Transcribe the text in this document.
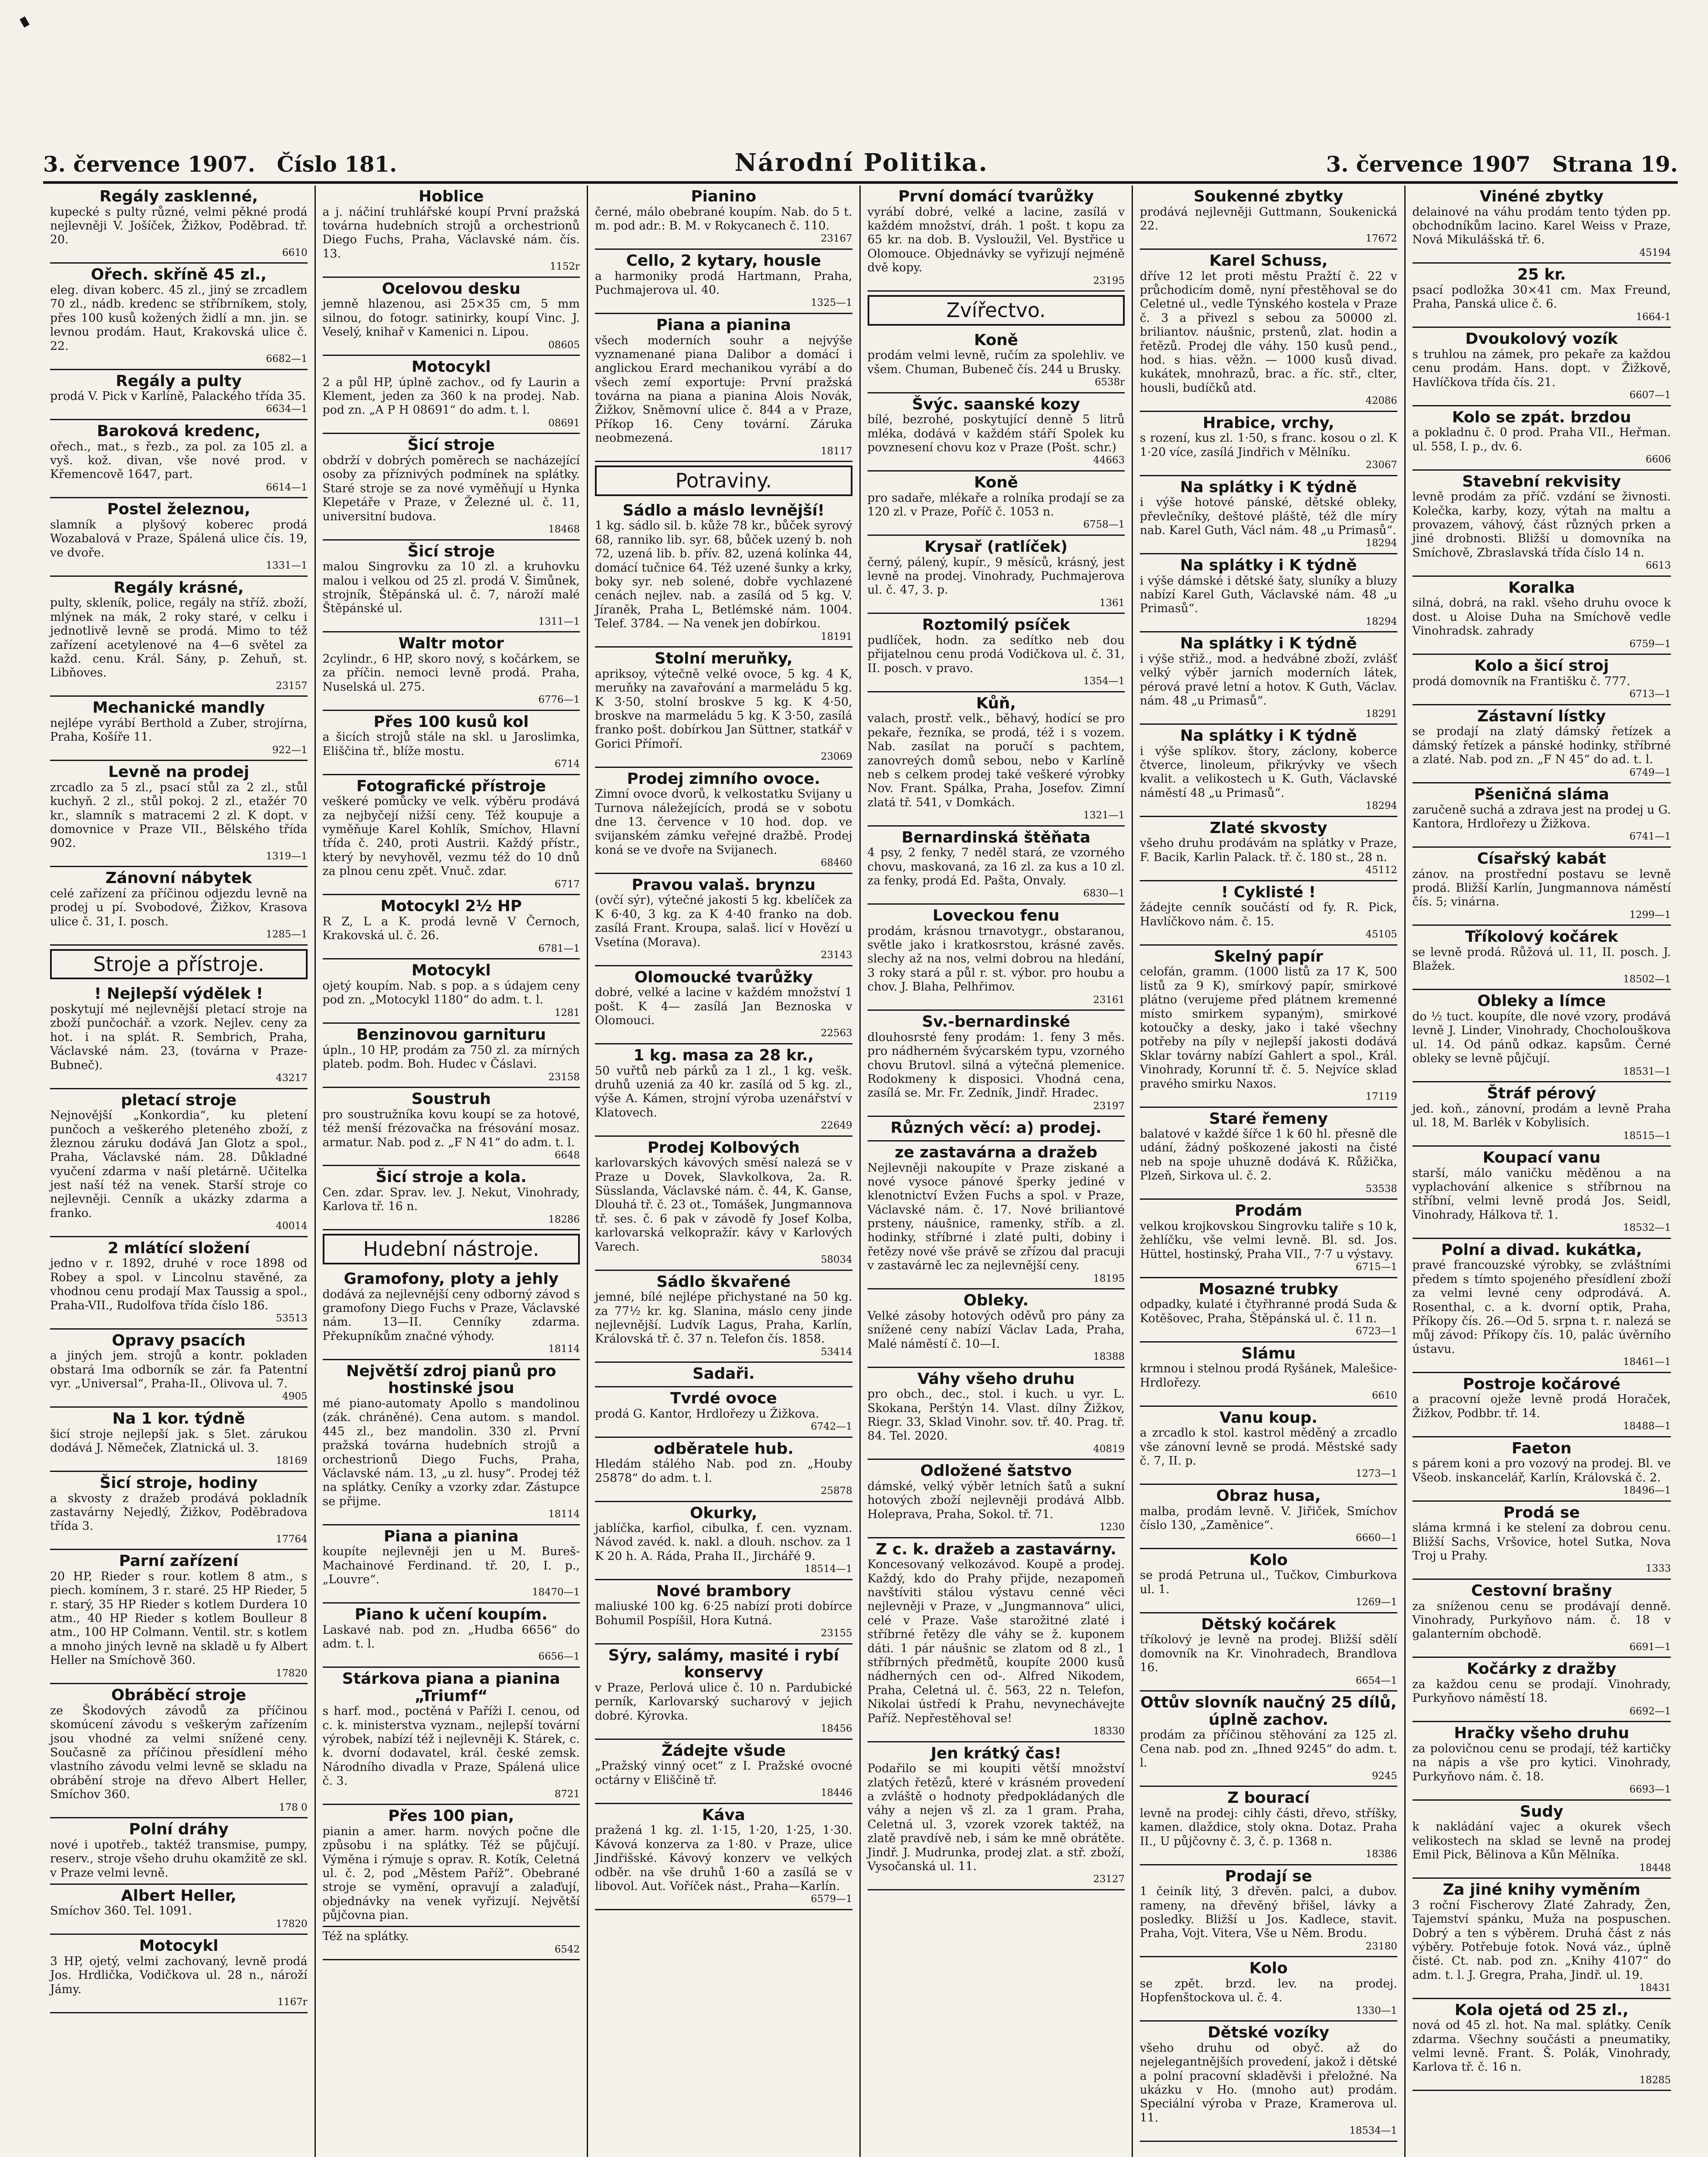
3. července 1907. Číslo 181.	Národní Politika.	3. července 1907 Strana 19.
Regály zasklenné,
kupecké s pulty různé, velmi pěkné prodá nejlevněji V. Jošíček, Žižkov, Poděbrad. tř. 20.
6610
Ořech. skříně 45 zl.,
eleg. divan koberc. 45 zl., jiný se zrcadlem 70 zl., nádb. kredenc se stříbrníkem, stoly, přes 100 kusů kožených židlí a mn. jin. se levnou prodám. Haut, Krakovská ulice č. 22.
6682—1
Regály a pulty
prodá V. Pick v Karlíně, Palackého třída 35.
6634—1
Baroková kredenc,
ořech., mat., s řezb., za pol. za 105 zl. a vyš. kož. divan, vše nové prod. v Křemencově 1647, part.
6614—1
Postel železnou,
slamník a plyšový koberec prodá Wozabalová v Praze, Spálená ulice čís. 19, ve dvoře.
1331—1
Regály krásné,
pulty, skleník, police, regály na stříž. zboží, mlýnek na mák, 2 roky staré, v celku i jednotlivě levně se prodá. Mimo to též zařízení acetylenové na 4—6 světel za každ. cenu. Král. Sány, p. Zehuň, st. Libňoves.
23157
Mechanické mandly
nejlépe vyrábí Berthold a Zuber, strojírna, Praha, Košíře 11.
922—1
Levně na prodej
zrcadlo za 5 zl., psací stůl za 2 zl., stůl kuchyň. 2 zl., stůl pokoj. 2 zl., etažér 70 kr., slamník s matracemi 2 zl. K dopt. v domovnice v Praze VII., Bělského třída 902.
1319—1
Zánovní nábytek
celé zařízení za příčinou odjezdu levně na prodej u pí. Svobodové, Žižkov, Krasova ulice č. 31, I. posch.
1285—1
Stroje a přístroje.
! Nejlepší výdělek !
poskytují mé nejlevnější pletací stroje na zboží punčochář. a vzork. Nejlev. ceny za hot. i na splát. R. Sembrich, Praha, Václavské nám. 23, (továrna v Praze-Bubneč).
43217
pletací stroje
Nejnovější „Konkordia“, ku pletení punčoch a veškerého pleteného zboží, z žleznou záruku dodává Jan Glotz a spol., Praha, Václavské nám. 28. Důkladné vyučení zdarma v naší pletárně. Učitelka jest naší též na venek. Starší stroje co nejlevněji. Cenník a ukázky zdarma a franko.
40014
2 mlátící složení
jedno v r. 1892, druhé v roce 1898 od Robey a spol. v Lincolnu stavěné, za vhodnou cenu prodají Max Taussig a spol., Praha-VII., Rudolfova třída číslo 186.
53513
Opravy psacích
a jiných jem. strojů a kontr. pokladen obstará Ima odborník se zár. fa Patentní vyr. „Universal“, Praha-II., Olivova ul. 7.
4905
Na 1 kor. týdně
šicí stroje nejlepší jak. s 5let. zárukou dodává J. Němeček, Zlatnická ul. 3.
18169
Šicí stroje, hodiny
a skvosty z dražeb prodává pokladník zastavárny Nejedlý, Žižkov, Poděbradova třída 3.
17764
Parní zařízení
20 HP, Rieder s rour. kotlem 8 atm., s piech. komínem, 3 r. staré. 25 HP Rieder, 5 r. starý, 35 HP Rieder s kotlem Durdera 10 atm., 40 HP Rieder s kotlem Boulleur 8 atm., 100 HP Colmann. Ventil. str. s kotlem a mnoho jiných levně na skladě u fy Albert Heller na Smíchově 360.
17820
Obráběcí stroje
ze Škodových závodů za příčinou skomúcení závodu s veškerým zařízením jsou vhodné za velmi snížené ceny. Současně za příčinou přesídlení mého vlastního závodu velmi levně se skladu na obrábění stroje na dřevo Albert Heller, Smíchov 360.
178 0
Polní dráhy
nové i upotřeb., taktéž transmise, pumpy, reserv., stroje všeho druhu okamžitě ze skl. v Praze velmi levně.
Albert Heller,
Smíchov 360. Tel. 1091.
17820
Motocykl
3 HP, ojetý, velmi zachovaný, levně prodá Jos. Hrdlička, Vodičkova ul. 28 n., nároží Jámy.
1167r
Hoblice
a j. náčiní truhlářské koupí První pražská továrna hudebních strojů a orchestrionů Diego Fuchs, Praha, Václavské nám. čís. 13.
1152r
Ocelovou desku
jemně hlazenou, asi 25×35 cm, 5 mm silnou, do fotogr. satinirky, koupí Vinc. J. Veselý, knihař v Kamenici n. Lipou.
08605
Motocykl
2 a půl HP, úplně zachov., od fy Laurin a Klement, jeden za 360 k na prodej. Nab. pod zn. „A P H 08691“ do adm. t. l.
08691
Šicí stroje
obdrží v dobrých poměrech se nacházející osoby za příznivých podmínek na splátky. Staré stroje se za nové vyměňují u Hynka Klepetáře v Praze, v Železné ul. č. 11, universitní budova.
18468
Šicí stroje
malou Singrovku za 10 zl. a kruhovku malou i velkou od 25 zl. prodá V. Šimůnek, strojník, Štěpánská ul. č. 7, nároží malé Štěpánské ul.
1311—1
Waltr motor
2cylindr., 6 HP, skoro nový, s kočárkem, se za příčin. nemoci levně prodá. Praha, Nuselská ul. 275.
6776—1
Přes 100 kusů kol
a šicích strojů stále na skl. u Jaroslimka, Eliščina tř., blíže mostu.
6714
Fotografické přístroje
veškeré pomůcky ve velk. výběru prodává za nejbyčejí nižší ceny. Též koupuje a vyměňuje Karel Kohlík, Smíchov, Hlavní třída č. 240, proti Austrii. Každý přístr., který by nevyhověl, vezmu též do 10 dnů za plnou cenu zpět. Vnuč. zdar.
6717
Motocykl 2½ HP
R Z, L a K. prodá levně V Černoch, Krakovská ul. č. 26.
6781—1
Motocykl
ojetý koupím. Nab. s pop. a s údajem ceny pod zn. „Motocykl 1180“ do adm. t. l.
1281
Benzinovou garnituru
úpln., 10 HP, prodám za 750 zl. za mírných plateb. podm. Boh. Hudec v Čáslavi.
23158
Soustruh
pro soustružníka kovu koupí se za hotové, též menší frézovačka na frésování mosaz. armatur. Nab. pod z. „F N 41“ do adm. t. l.
6648
Šicí stroje a kola.
Cen. zdar. Sprav. lev. J. Nekut, Vinohrady, Karlova tř. 16 n.
18286
Hudební nástroje.
Gramofony, ploty a jehly
dodává za nejlevnější ceny odborný závod s gramofony Diego Fuchs v Praze, Václavské nám. 13—II. Cenníky zdarma. Překupníkům značné výhody.
18114
Největší zdroj pianů pro hostinské jsou
mé piano-automaty Apollo s mandolinou (zák. chráněné). Cena autom. s mandol. 445 zl., bez mandolin. 330 zl. První pražská továrna hudebních strojů a orchestrionů Diego Fuchs, Praha, Václavské nám. 13, „u zl. husy“. Prodej též na splátky. Ceníky a vzorky zdar. Zástupce se přijme.
18114
Piana a pianina
koupíte nejlevněji jen u M. Bureš-Machainové Ferdinand. tř. 20, I. p., „Louvre“.
18470—1
Piano k učení koupím.
Laskavé nab. pod zn. „Hudba 6656“ do adm. t. l.
6656—1
Stárkova piana a pianina „Triumf“
s harf. mod., poctěná v Paříži I. cenou, od c. k. ministerstva vyznam., nejlepší tovární výrobek, nabízí též i nejlevněji K. Stárek, c. k. dvorní dodavatel, král. české zemsk. Národního divadla v Praze, Spálená ulice č. 3.
8721
Přes 100 pian,
pianin a amer. harm. nových počne dle způsobu i na splátky. Též se půjčují. Výměna i rýmuje s oprav. R. Kotík, Celetná ul. č. 2, pod „Městem Paříž“. Obebrané stroje se vymění, opravují a zalaďují, objednávky na venek vyřizují. Největší půjčovna pian.
Též na splátky.
6542
Pianino
černé, málo obebrané koupím. Nab. do 5 t. m. pod adr.: B. M. v Rokycanech č. 110.
23167
Cello, 2 kytary, housle
a harmoniky prodá Hartmann, Praha, Puchmajerova ul. 40.
1325—1
Piana a pianina
všech moderních souhr a nejvýše vyznamenané piana Dalibor a domácí i anglickou Erard mechanikou vyrábí a do všech zemí exportuje: První pražská továrna na piana a pianina Alois Novák, Žižkov, Sněmovní ulice č. 844 a v Praze, Příkop 16. Ceny tovární. Záruka neobmezená.
18117
Potraviny.
Sádlo a máslo levnější!
1 kg. sádlo sil. b. kůže 78 kr., bůček syrový 68, ranniko lib. syr. 68, bůček uzený b. noh 72, uzená lib. b. přív. 82, uzená kolínka 44, domácí tučnice 64. Též uzené šunky a krky, boky syr. neb solené, dobře vychlazené cenách nejlev. nab. a zasílá od 5 kg. V. Jíraněk, Praha L, Betlémské nám. 1004. Telef. 3784. — Na venek jen dobírkou.
18191
Stolní meruňky,
apriksoy, výtečně velké ovoce, 5 kg. 4 K, meruňky na zavařování a marmeládu 5 kg. K 3·50, stolní broskve 5 kg. K 4·50, broskve na marmeládu 5 kg. K 3·50, zasílá franko pošt. dobírkou Jan Süttner, statkář v Gorici Přímoří.
23069
Prodej zimního ovoce.
Zimní ovoce dvorů, k velkostatku Svijany u Turnova náležejících, prodá se v sobotu dne 13. července v 10 hod. dop. ve svijanském zámku veřejné dražbě. Prodej koná se ve dvoře na Svijanech.
68460
Pravou valaš. brynzu
(ovčí sýr), výtečné jakosti 5 kg. kbelíček za K 6·40, 3 kg. za K 4·40 franko na dob. zasílá Frant. Kroupa, salaš. licí v Hovězí u Vsetína (Morava).
23143
Olomoucké tvarůžky
dobré, velké a lacine v každém množství 1 pošt. K 4— zasílá Jan Beznoska v Olomouci.
22563
1 kg. masa za 28 kr.,
50 vuřtů neb párků za 1 zl., 1 kg. vešk. druhů uzeniá za 40 kr. zasílá od 5 kg. zl., výše A. Kámen, strojní výroba uzenářství v Klatovech.
22649
Prodej Kolbových
karlovarských kávových směsí nalezá se v Praze u Dovek, Slavkolkova, 2a. R. Süsslanda, Václavské nám. č. 44, K. Ganse, Dlouhá tř. č. 23 ot., Tomášek, Jungmannova tř. ses. č. 6 pak v závodě fy Josef Kolba, karlovarská velkopražír. kávy v Karlových Varech.
58034
Sádlo škvařené
jemné, bílé nejlépe přichystané na 50 kg. za 77½ kr. kg. Slanina, máslo ceny jinde nejlevnější. Ludvík Lagus, Praha, Karlín, Královská tř. č. 37 n. Telefon čís. 1858.
53414
Sadaři.
Tvrdé ovoce
prodá G. Kantor, Hrdlořezy u Žižkova.
6742—1
odběratele hub.
Hledám stálého Nab. pod zn. „Houby 25878“ do adm. t. l.
25878
Okurky,
jablíčka, karfiol, cibulka, f. cen. vyznam. Návod zavéd. k. nakl. a dlouh. nschov. za 1 K 20 h. A. Ráda, Praha II., Jirchářé 9.
18514—1
Nové brambory
maliuské 100 kg. 6·25 nabízí proti dobírce Bohumil Pospíšil, Hora Kutná.
23155
Sýry, salámy, masité i rybí konservy
v Praze, Perlová ulice č. 10 n. Pardubické perník, Karlovarský sucharový v jejich dobré. Kýrovka.
18456
Žádejte všude
„Pražský vinný ocet“ z I. Pražské ovocné octárny v Eliščině tř.
18446
Káva
pražená 1 kg. zl. 1·15, 1·20, 1·25, 1·30. Kávová konzerva za 1·80. v Praze, ulice Jindřišské. Kávový konzerv ve velkých odběr. na vše druhů 1·60 a zasílá se v libovol. Aut. Voříček nást., Praha—Karlín.
6579—1
První domácí tvarůžky
vyrábí dobré, velké a lacine, zasílá v každém množství, dráh. 1 pošt. t kopu za 65 kr. na dob. B. Vysloužil, Vel. Bystřice u Olomouce. Objednávky se vyřizují nejméně dvě kopy.
23195
Zvířectvo.
Koně
prodám velmi levně, ručím za spolehliv. ve všem. Chuman, Bubeneč čís. 244 u Brusky.
6538r
Švýc. saanské kozy
bílé, bezrohé, poskytující denně 5 litrů mléka, dodává v každém stáří Spolek ku povznesení chovu koz v Praze (Pošt. schr.)
44663
Koně
pro sadaře, mlékaře a rolníka prodají se za 120 zl. v Praze, Poříč č. 1053 n.
6758—1
Krysař (ratlíček)
černý, pálený, kupír., 9 měsíců, krásný, jest levně na prodej. Vinohrady, Puchmajerova ul. č. 47, 3. p.
1361
Roztomilý psíček
pudlíček, hodn. za sedítko neb dou přijatelnou cenu prodá Vodičkova ul. č. 31, II. posch. v pravo.
1354—1
Kůň,
valach, prostř. velk., běhavý, hodící se pro pekaře, řezníka, se prodá, též i s vozem. Nab. zasílat na poručí s pachtem, zanovreých domů sebou, nebo v Karlíně neb s celkem prodej také veškeré výrobky Nov. Frant. Spálka, Praha, Josefov. Zimní zlatá tř. 541, v Domkách.
1321—1
Bernardinská štěňata
4 psy, 2 fenky, 7 neděl stará, ze vzorného chovu, maskovaná, za 16 zl. za kus a 10 zl. za fenky, prodá Ed. Pašta, Onvaly.
6830—1
Loveckou fenu
prodám, krásnou trnavotygr., obstaranou, světle jako i kratkosrstou, krásné zavěs. slechy až na nos, velmi dobrou na hledání, 3 roky stará a půl r. st. výbor. pro houbu a chov. J. Blaha, Pelhřimov.
23161
Sv.-bernardinské
dlouhosrsté feny prodám: 1. feny 3 měs. pro nádherném švýcarském typu, vzorného chovu Brutovl. silná a výtečná plemenice. Rodokmeny k disposici. Vhodná cena, zasílá se. Mr. Fr. Zedník, Jindř. Hradec.
23197
Různých věcí: a) prodej.
ze zastavárna a dražeb
Nejlevněji nakoupíte v Praze ziskané a nové vysoce pánové šperky jediné v klenotnictví Evžen Fuchs a spol. v Praze, Václavské nám. č. 17. Nové briliantové prsteny, náušnice, ramenky, stříb. a zl. hodinky, stříbrné i zlaté pulti, dobiny i řetězy nové vše právě se zřízou dal pracuji v zastavárně lec za nejlevnější ceny.
18195
Obleky.
Velké zásoby hotových oděvů pro pány za snížené ceny nabízí Václav Lada, Praha, Malé náměstí č. 10—I.
18388
Váhy všeho druhu
pro obch., dec., stol. i kuch. u vyr. L. Skokana, Perštýn 14. Vlast. dílny Žižkov, Riegr. 33, Sklad Vinohr. sov. tř. 40. Prag. tř. 84. Tel. 2020.
40819
Odložené šatstvo
dámské, velký výběr letních šatů a sukní hotových zboží nejlevněji prodává Albb. Holeprava, Praha, Sokol. tř. 71.
1230
Z c. k. dražeb a zastavárny.
Koncesovaný velkozávod. Koupě a prodej. Každý, kdo do Prahy přijde, nezapomeň navštíviti stálou výstavu cenné věci nejlevněji v Praze, v „Jungmannova“ ulici, celé v Praze. Vaše starožitné zlaté i stříbrné řetězy dle váhy se ž. kuponem dáti. 1 pár náušnic se zlatom od 8 zl., 1 stříbrných předmětů, koupíte 2000 kusů nádherných cen od-. Alfred Nikodem, Praha, Celetná ul. č. 563, 22 n. Telefon, Nikolai ústředí k Prahu, nevynechávejte Paříž. Nepřestěhoval se!
18330
Jen krátký čas!
Podařilo se mi koupiti větší množství zlatých řetězů, které v krásném provedení a zvláště o hodnoty předpokládaných dle váhy a nejen vš zl. za 1 gram. Praha, Celetná ul. 3, vzorek vzorek taktéž, na zlatě pravdívě neb, i sám ke mně obrátěte. Jindř. J. Mudrunka, prodej zlat. a stř. zboží, Vysočanská ul. 11.
23127
Soukenné zbytky
prodává nejlevněji Guttmann, Soukenická 22.
17672
Karel Schuss,
dříve 12 let proti městu Pražtí č. 22 v průchodicím domě, nyní přestěhoval se do Celetné ul., vedle Týnského kostela v Praze č. 3 a přivezl s sebou za 50000 zl. briliantov. náušnic, prstenů, zlat. hodin a řetězů. Prodej dle váhy. 150 kusů pend., hod. s hias. věžn. — 1000 kusů divad. kukátek, mnohrazů, brac. a říc. stř., clter, housli, budíčků atd.
42086
Hrabice, vrchy,
s rození, kus zl. 1·50, s franc. kosou o zl. K 1·20 více, zasílá Jindřich v Mělníku.
23067
Na splátky i K týdně
i výše hotové pánské, dětské obleky, převlečníky, deštové pláště, též dle míry nab. Karel Guth, Václ nám. 48 „u Primasů“.
18294
Na splátky i K týdně
i výše dámské i dětské šaty, sluníky a bluzy nabízí Karel Guth, Václavské nám. 48 „u Primasů“.
18294
Na splátky i K týdně
i výše střiž., mod. a hedvábné zboží, zvlášť velký výběr jarních moderních látek, pérová pravé letní a hotov. K Guth, Václav. nám. 48 „u Primasů“.
18291
Na splátky i K týdně
i výše splíkov. štory, záclony, koberce čtverce, linoleum, přikrývky ve všech kvalit. a velikostech u K. Guth, Václavské náměstí 48 „u Primasů“.
18294
Zlaté skvosty
všeho druhu prodávám na splátky v Praze, F. Bacik, Karlin Palack. tř. č. 180 st., 28 n.
45112
! Cyklisté !
žádejte cenník součástí od fy. R. Pick, Havlíčkovo nám. č. 15.
45105
Skelný papír
celofán, gramm. (1000 listů za 17 K, 500 listů za 9 K), smírkový papír, smirkové plátno (verujeme před plátnem kremenné místo smirkem sypaným), smirkové kotoučky a desky, jako i také všechny potřeby na píly v nejlepší jakosti dodává Sklar továrny nabízí Gahlert a spol., Král. Vinohrady, Korunní tř. č. 5. Nejvíce sklad pravého smirku Naxos.
17119
Staré řemeny
balatové v každé šířce 1 k 60 hl. přesně dle udání, žádný poškozené jakosti na čisté neb na spoje uhuzně dodává K. Růžička, Plzeň, Sirkova ul. č. 2.
53538
Prodám
velkou krojkovskou Singrovku taliře s 10 k, žehlíčku, vše velmi levně. Bl. sd. Jos. Hüttel, hostinský, Praha VII., 7·7 u výstavy.
6715—1
Mosazné trubky
odpadky, kulaté i čtyřhranné prodá Suda & Kotěšovec, Praha, Štěpánská ul. č. 11 n.
6723—1
Slámu
krmnou i stelnou prodá Ryšánek, Malešice-Hrdlořezy.
6610
Vanu koup.
a zrcadlo k stol. kastrol měděný a zrcadlo vše zánovní levně se prodá. Městské sady č. 7, II. p.
1273—1
Obraz husa,
malba, prodám levně. V. Jiřiček, Smíchov číslo 130, „Zaměnice“.
6660—1
Kolo
se prodá Petruna ul., Tučkov, Cimburkova ul. 1.
1269—1
Dětský kočárek
tříkolový je levně na prodej. Bližší sdělí domovník na Kr. Vinohradech, Brandlova 16.
6654—1
Ottův slovník naučný 25 dílů, úplně zachov.
prodám za příčinou stěhování za 125 zl. Cena nab. pod zn. „Ihned 9245“ do adm. t. l.
9245
Z bourací
levně na prodej: cihly části, dřevo, stříšky, kamen. dlaždice, stoly okna. Dotaz. Praha II., U půjčovny č. 3, č. p. 1368 n.
18386
Prodají se
1 čeiník litý, 3 dřevěn. palci, a dubov. rameny, na dřevěný břišel, lávky a posledky. Bližší u Jos. Kadlece, stavit. Praha, Vojt. Vitera, Vše u Něm. Brodu.
23180
Kolo
se zpět. brzd. lev. na prodej. Hopfenštockova ul. č. 4.
1330—1
Dětské vozíky
všeho druhu od obyč. až do nejelegantnějších provedení, jakož i dětské a polní pracovní skladěvši i přeložné. Na ukázku v Ho. (mnoho aut) prodám. Speciální výroba v Praze, Kramerova ul. 11.
18534—1
Vinéné zbytky
delainové na váhu prodám tento týden pp. obchodníkům lacino. Karel Weiss v Praze, Nová Mikulášská tř. 6.
45194
25 kr.
psací podložka 30×41 cm. Max Freund, Praha, Panská ulice č. 6.
1664-1
Dvoukolový vozík
s truhlou na zámek, pro pekaře za každou cenu prodám. Hans. dopt. v Žižkově, Havlíčkova třída čís. 21.
6607—1
Kolo se zpát. brzdou
a pokladnu č. 0 prod. Praha VII., Heřman. ul. 558, I. p., dv. 6.
6606
Stavební rekvisity
levně prodám za příč. vzdání se živnosti. Kolečka, karby, kozy, výtah na maltu a provazem, váhový, část různých prken a jiné drobnosti. Bližší u domovníka na Smíchově, Zbraslavská třída číslo 14 n.
6613
Koralka
silná, dobrá, na rakl. všeho druhu ovoce k dost. u Aloise Duha na Smíchově vedle Vinohradsk. zahrady
6759—1
Kolo a šicí stroj
prodá domovník na Františku č. 777.
6713—1
Zástavní lístky
se prodají na zlatý dámský řetízek a dámský řetízek a pánské hodinky, stříbrné a zlaté. Nab. pod zn. „F N 45“ do ad. t. l.
6749—1
Pšeničná sláma
zaručeně suchá a zdrava jest na prodej u G. Kantora, Hrdlořezy u Žižkova.
6741—1
Císařský kabát
zánov. na prostřední postavu se levně prodá. Bližší Karlín, Jungmannova náměstí čís. 5; vinárna.
1299—1
Tříkolový kočárek
se levně prodá. Růžová ul. 11, II. posch. J. Blažek.
18502—1
Obleky a límce
do ½ tuct. koupíte, dle nové vzory, prodává levně J. Linder, Vinohrady, Chocholouškova ul. 14. Od pánů odkaz. kapsům. Černé obleky se levně půjčují.
18531—1
Štráf pérový
jed. koň., zánovní, prodám a levně Praha ul. 18, M. Barlék v Kobylisích.
18515—1
Koupací vanu
starší, málo vaničku měděnou a na vyplachování alkenice s stříbrnou na stříbní, velmi levně prodá Jos. Seidl, Vinohrady, Hálkova tř. 1.
18532—1
Polní a divad. kukátka,
pravé francouzské výrobky, se zvláštními předem s tímto spojeného přesídlení zboží za velmi levné ceny odprodává. A. Rosenthal, c. a k. dvorní optik, Praha, Příkopy čís. 26.—Od 5. srpna t. r. nalezá se můj závod: Příkopy čís. 10, palác úvěrního ústavu.
18461—1
Postroje kočárové
a pracovní oježe levně prodá Horaček, Žižkov, Podbbr. tř. 14.
18488—1
Faeton
s párem koni a pro vozový na prodej. Bl. ve Všeob. inskancelář, Karlín, Královská č. 2.
18496—1
Prodá se
sláma krmná i ke stelení za dobrou cenu. Bližší Sachs, Vršovice, hotel Sutka, Nova Troj u Prahy.
1333
Cestovní brašny
za sníženou cenu se prodávají denně. Vinohrady, Purkyňovo nám. č. 18 v galanterním obchodě.
6691—1
Kočárky z dražby
za každou cenu se prodají. Vinohrady, Purkyňovo náměstí 18.
6692—1
Hračky všeho druhu
za polovičnou cenu se prodají, též kartičky na nápis a vše pro kytici. Vinohrady, Purkyňovo nám. č. 18.
6693—1
Sudy
k nakládání vajec a okurek všech velikostech na sklad se levně na prodej Emil Pick, Bělinova a Kůn Mělníka.
18448
Za jiné knihy vyměním
3 roční Fischerovy Zlaté Zahrady, Žen, Tajemství spánku, Muža na pospuschen. Dobrý a ten s výběrem. Druhá část z nás výběry. Potřebuje fotok. Nová váz., úplně čisté. Ct. nab. pod zn. „Knihy 4107“ do adm. t. l. J. Gregra, Praha, Jindř. ul. 19.
18431
Kola ojetá od 25 zl.,
nová od 45 zl. hot. Na mal. splátky. Ceník zdarma. Všechny součásti a pneumatiky, velmi levně. Frant. Š. Polák, Vinohrady, Karlova tř. č. 16 n.
18285
